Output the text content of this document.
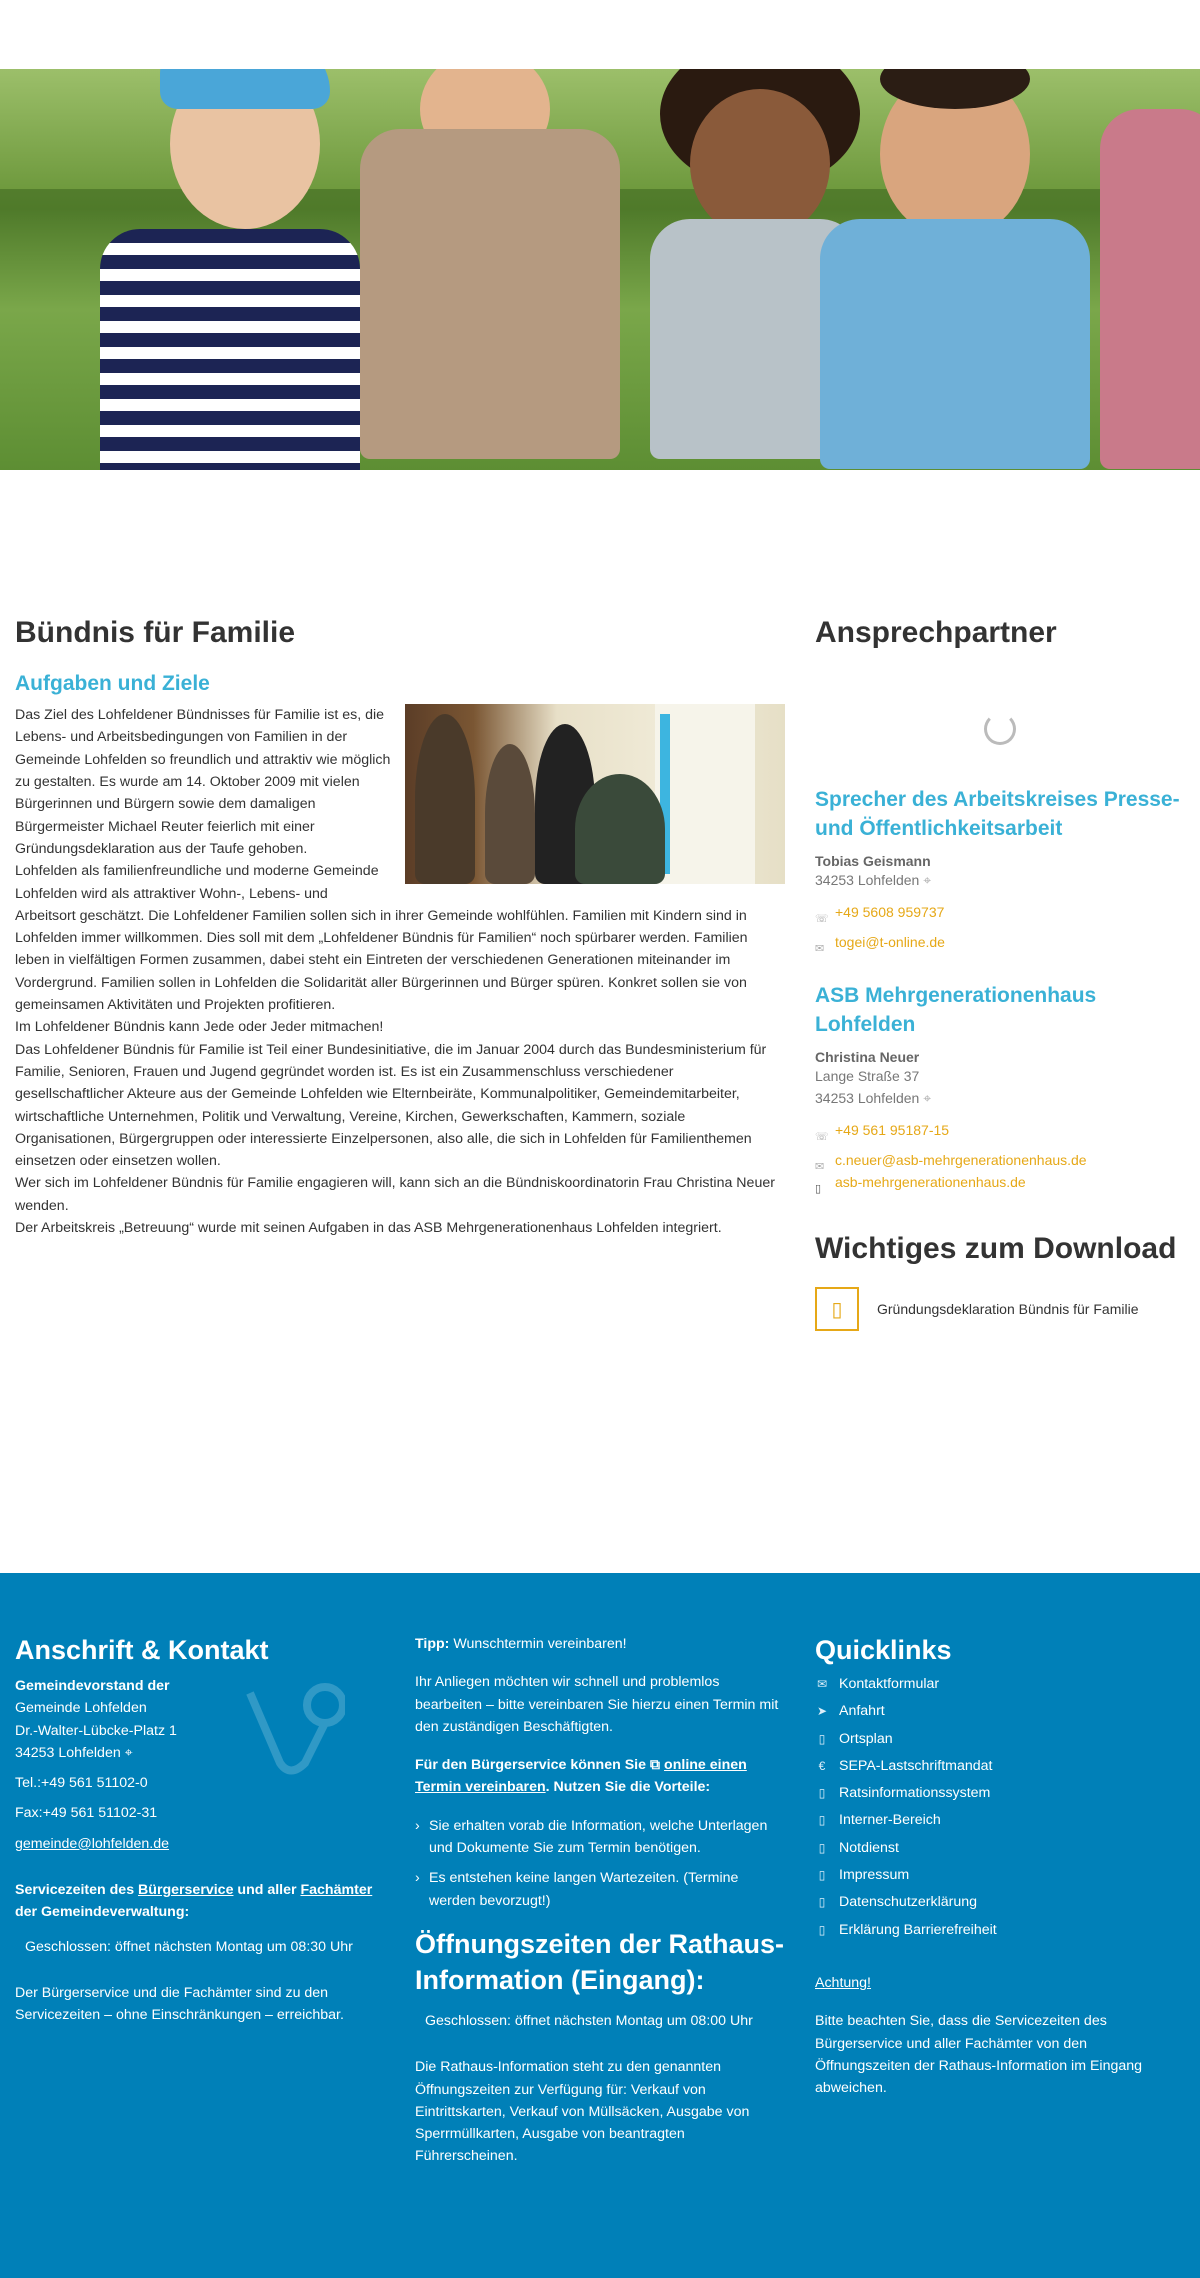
Bündnis für Familie
Aufgaben und Ziele

Das Ziel des Lohfeldener Bündnisses für Familie ist es, die Lebens- und Arbeitsbedingungen von Familien in der Gemeinde Lohfelden so freundlich und attraktiv wie möglich zu gestalten. Es wurde am 14. Oktober 2009 mit vielen Bürgerinnen und Bürgern sowie dem damaligen Bürgermeister Michael Reuter feierlich mit einer Gründungsdeklaration aus der Taufe gehoben.

Lohfelden als familienfreundliche und moderne Gemeinde

Lohfelden wird als attraktiver Wohn-, Lebens- und Arbeitsort geschätzt. Die Lohfeldener Familien sollen sich in ihrer Gemeinde wohlfühlen. Familien mit Kindern sind in Lohfelden immer willkommen. Dies soll mit dem „Lohfeldener Bündnis für Familien“ noch spürbarer werden. Familien leben in vielfältigen Formen zusammen, dabei steht ein Eintreten der verschiedenen Generationen miteinander im Vordergrund. Familien sollen in Lohfelden die Solidarität aller Bürgerinnen und Bürger spüren. Konkret sollen sie von gemeinsamen Aktivitäten und Projekten profitieren.

Im Lohfeldener Bündnis kann Jede oder Jeder mitmachen!

Das Lohfeldener Bündnis für Familie ist Teil einer Bundesinitiative, die im Januar 2004 durch das Bundesministerium für Familie, Senioren, Frauen und Jugend gegründet worden ist. Es ist ein Zusammenschluss verschiedener gesellschaftlicher Akteure aus der Gemeinde Lohfelden wie Elternbeiräte, Kommunalpolitiker, Gemeindemitarbeiter, wirtschaftliche Unternehmen, Politik und Verwaltung, Vereine, Kirchen, Gewerkschaften, Kammern, soziale Organisationen, Bürgergruppen oder interessierte Einzelpersonen, also alle, die sich in Lohfelden für Familienthemen einsetzen oder einsetzen wollen.

Wer sich im Lohfeldener Bündnis für Familie engagieren will, kann sich an die Bündniskoordinatorin Frau Christina Neuer wenden.

Der Arbeitskreis „Betreuung“ wurde mit seinen Aufgaben in das ASB Mehrgenerationenhaus Lohfelden integriert.

Ansprechpartner
Sprecher des Arbeitskreises Presse- und Öffentlichkeitsarbeit
Tobias Geismann
34253 Lohfelden ⌖
☏ +49 5608 959737
✉ togei@t-online.de
ASB Mehrgenerationenhaus Lohfelden
Christina Neuer
Lange Straße 37
34253 Lohfelden ⌖
☏ +49 561 95187-15
✉ c.neuer@asb-mehrgenerationenhaus.de
▯ asb-mehrgenerationenhaus.de
Wichtiges zum Download
▯	Gründungsdeklaration Bündnis für Familie
Anschrift & Kontakt
Gemeindevorstand der
Gemeinde Lohfelden
Dr.-Walter-Lübcke-Platz 1
34253 Lohfelden ⌖
Tel.:+49 561 51102-0
Fax:+49 561 51102-31
gemeinde@lohfelden.de
Servicezeiten des Bürgerservice und aller Fachämter der Gemeindeverwaltung:
Geschlossen: öffnet nächsten Montag um 08:30 Uhr
Der Bürgerservice und die Fachämter sind zu den Servicezeiten – ohne Einschränkungen – erreichbar.
Tipp: Wunschtermin vereinbaren!
Ihr Anliegen möchten wir schnell und problemlos bearbeiten – bitte vereinbaren Sie hierzu einen Termin mit den zuständigen Beschäftigten.
Für den Bürgerservice können Sie ⧉ online einen Termin vereinbaren. Nutzen Sie die Vorteile:
› Sie erhalten vorab die Information, welche Unterlagen und Dokumente Sie zum Termin benötigen.
› Es entstehen keine langen Wartezeiten. (Termine werden bevorzugt!)
Öffnungszeiten der Rathaus-Information (Eingang):
Geschlossen: öffnet nächsten Montag um 08:00 Uhr
Die Rathaus-Information steht zu den genannten Öffnungszeiten zur Verfügung für: Verkauf von Eintrittskarten, Verkauf von Müllsäcken, Ausgabe von Sperrmüllkarten, Ausgabe von beantragten Führerscheinen.
Quicklinks
✉ Kontaktformular
➤ Anfahrt
▯ Ortsplan
€ SEPA-Lastschriftmandat
▯ Ratsinformationssystem
▯ Interner-Bereich
▯ Notdienst
▯ Impressum
▯ Datenschutzerklärung
▯ Erklärung Barrierefreiheit
Achtung!
Bitte beachten Sie, dass die Servicezeiten des Bürgerservice und aller Fachämter von den Öffnungszeiten der Rathaus-Information im Eingang abweichen.
